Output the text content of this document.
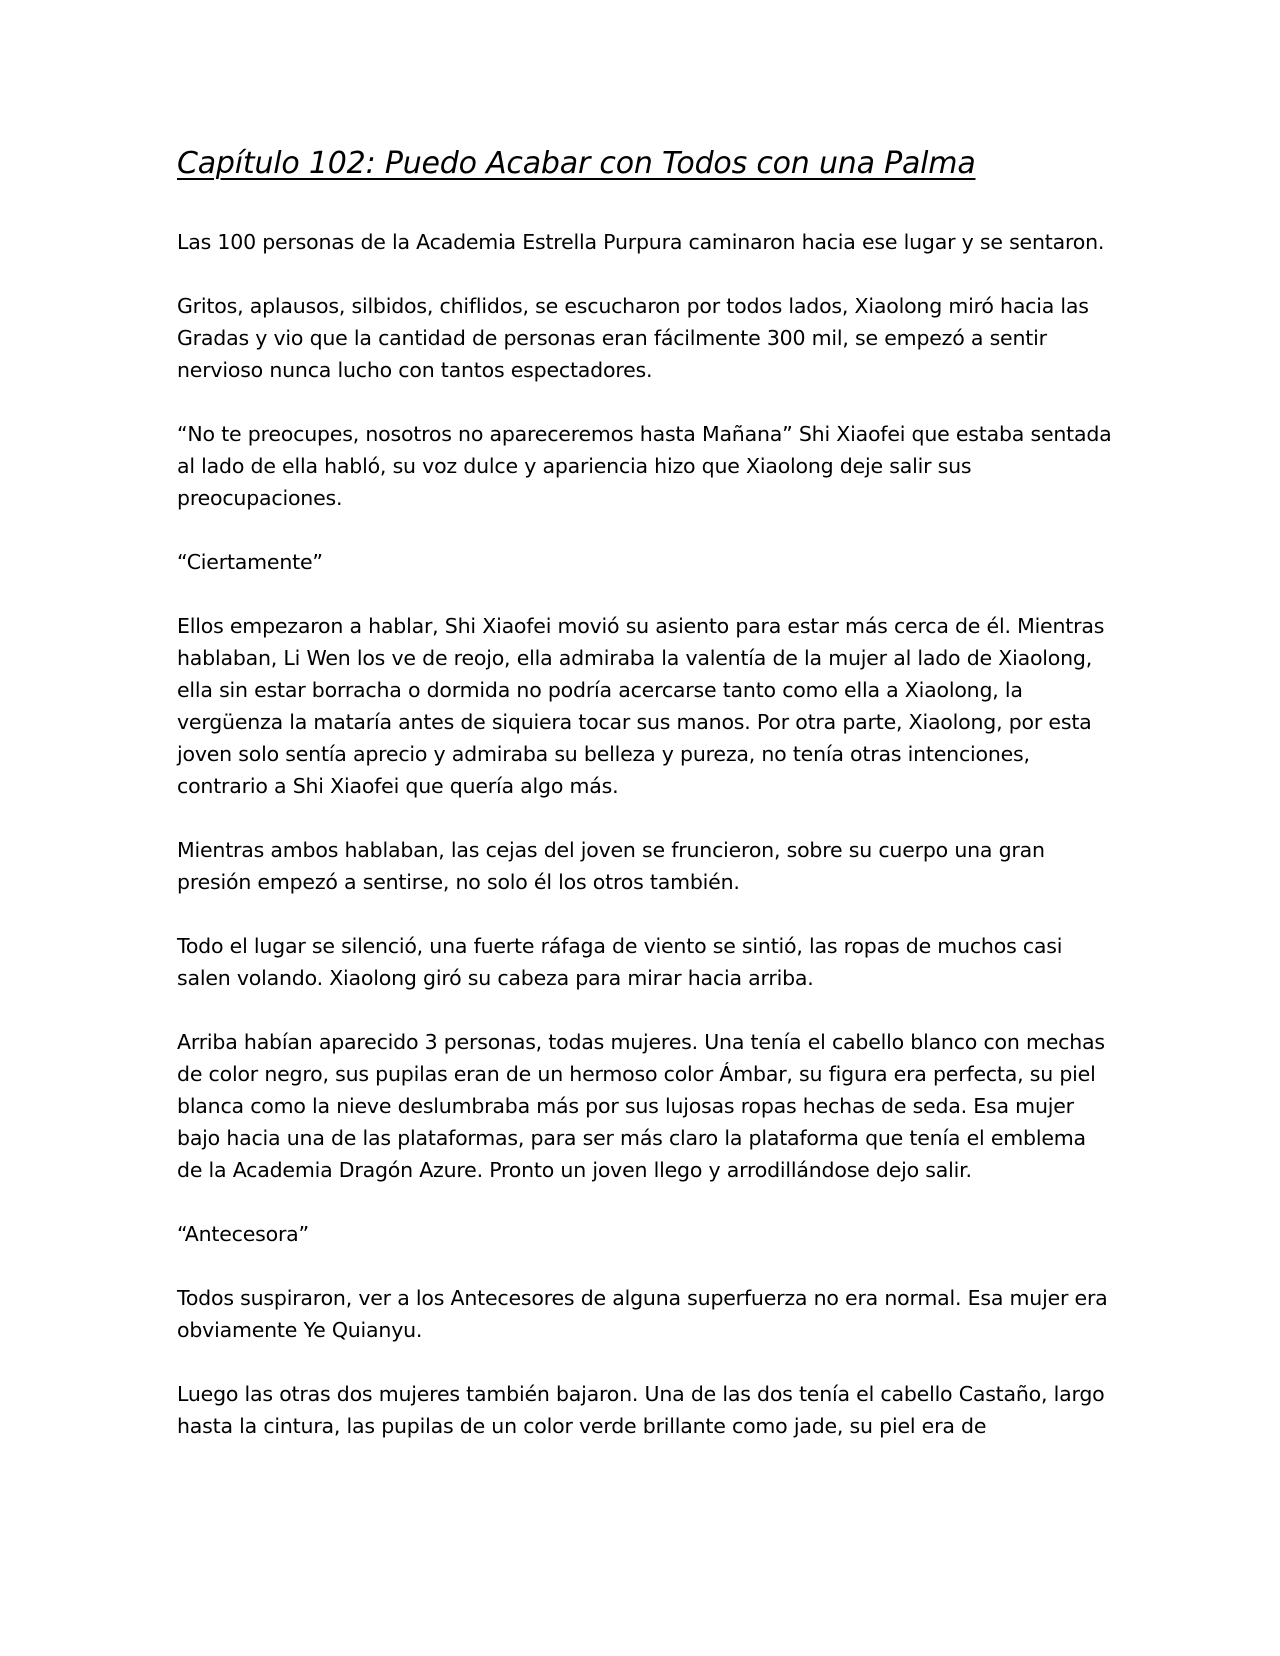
Capítulo 102: Puedo Acabar con Todos con una Palma

Las 100 personas de la Academia Estrella Purpura caminaron hacia ese lugar y se sentaron.

Gritos, aplausos, silbidos, chiflidos, se escucharon por todos lados, Xiaolong miró hacia las Gradas y vio que la cantidad de personas eran fácilmente 300 mil, se empezó a sentir nervioso nunca lucho con tantos espectadores.

“No te preocupes, nosotros no apareceremos hasta Mañana” Shi Xiaofei que estaba sentada al lado de ella habló, su voz dulce y apariencia hizo que Xiaolong deje salir sus preocupaciones.

“Ciertamente”

Ellos empezaron a hablar, Shi Xiaofei movió su asiento para estar más cerca de él. Mientras hablaban, Li Wen los ve de reojo, ella admiraba la valentía de la mujer al lado de Xiaolong, ella sin estar borracha o dormida no podría acercarse tanto como ella a Xiaolong, la vergüenza la mataría antes de siquiera tocar sus manos. Por otra parte, Xiaolong, por esta joven solo sentía aprecio y admiraba su belleza y pureza, no tenía otras intenciones, contrario a Shi Xiaofei que quería algo más.

Mientras ambos hablaban, las cejas del joven se fruncieron, sobre su cuerpo una gran presión empezó a sentirse, no solo él los otros también.

Todo el lugar se silenció, una fuerte ráfaga de viento se sintió, las ropas de muchos casi salen volando. Xiaolong giró su cabeza para mirar hacia arriba.

Arriba habían aparecido 3 personas, todas mujeres. Una tenía el cabello blanco con mechas de color negro, sus pupilas eran de un hermoso color Ámbar, su figura era perfecta, su piel blanca como la nieve deslumbraba más por sus lujosas ropas hechas de seda. Esa mujer bajo hacia una de las plataformas, para ser más claro la plataforma que tenía el emblema de la Academia Dragón Azure. Pronto un joven llego y arrodillándose dejo salir.

“Antecesora”

Todos suspiraron, ver a los Antecesores de alguna superfuerza no era normal. Esa mujer era obviamente Ye Quianyu.

Luego las otras dos mujeres también bajaron. Una de las dos tenía el cabello Castaño, largo hasta la cintura, las pupilas de un color verde brillante como jade, su piel era de
